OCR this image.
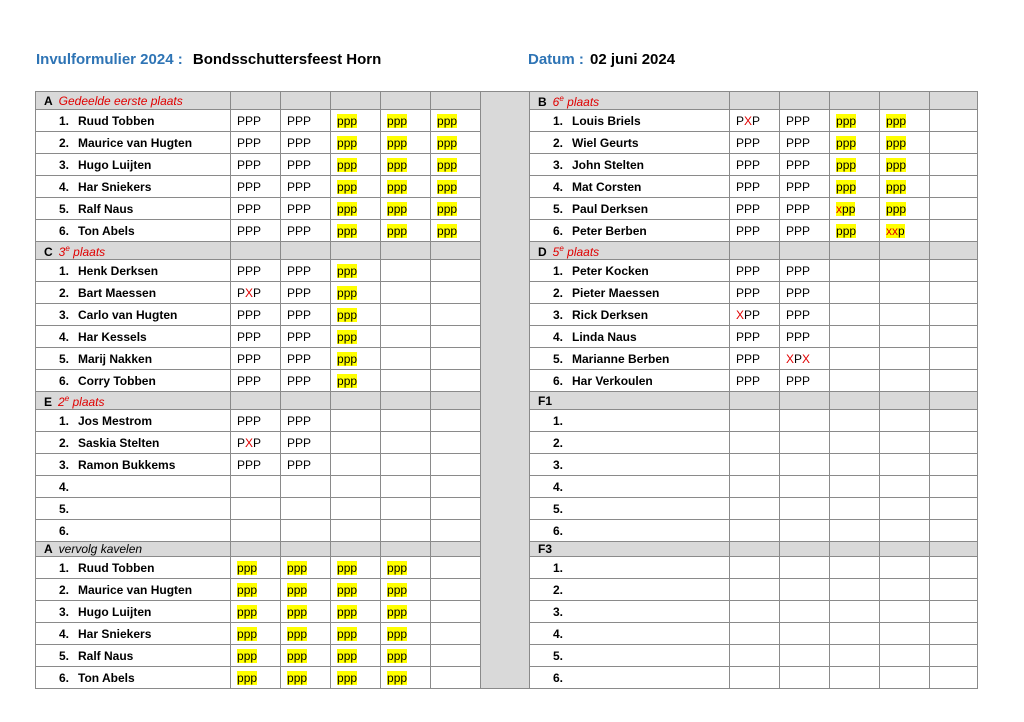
Invulformulier 2024 : Bondsschuttersfeest Horn	Datum : 02 juni 2024
A Gedeelde eerste plaats							B 6e plaats					
1. Ruud Tobben	PPP	PPP	ppp	ppp	ppp		1. Louis Briels	PXP	PPP	ppp	ppp	
2. Maurice van Hugten	PPP	PPP	ppp	ppp	ppp		2. Wiel Geurts	PPP	PPP	ppp	ppp	
3. Hugo Luijten	PPP	PPP	ppp	ppp	ppp		3. John Stelten	PPP	PPP	ppp	ppp	
4. Har Sniekers	PPP	PPP	ppp	ppp	ppp		4. Mat Corsten	PPP	PPP	ppp	ppp	
5. Ralf Naus	PPP	PPP	ppp	ppp	ppp		5. Paul Derksen	PPP	PPP	xpp	ppp	
6. Ton Abels	PPP	PPP	ppp	ppp	ppp		6. Peter Berben	PPP	PPP	ppp	xxp	
C 3e plaats							D 5e plaats					
1. Henk Derksen	PPP	PPP	ppp				1. Peter Kocken	PPP	PPP			
2. Bart Maessen	PXP	PPP	ppp				2. Pieter Maessen	PPP	PPP			
3. Carlo van Hugten	PPP	PPP	ppp				3. Rick Derksen	XPP	PPP			
4. Har Kessels	PPP	PPP	ppp				4. Linda Naus	PPP	PPP			
5. Marij Nakken	PPP	PPP	ppp				5. Marianne Berben	PPP	XPX			
6. Corry Tobben	PPP	PPP	ppp				6. Har Verkoulen	PPP	PPP			
E 2e plaats							F1					
1. Jos Mestrom	PPP	PPP					1.					
2. Saskia Stelten	PXP	PPP					2.					
3. Ramon Bukkems	PPP	PPP					3.					
4.							4.					
5.							5.					
6.							6.					
A vervolg kavelen							F3					
1. Ruud Tobben	ppp	ppp	ppp	ppp			1.					
2. Maurice van Hugten	ppp	ppp	ppp	ppp			2.					
3. Hugo Luijten	ppp	ppp	ppp	ppp			3.					
4. Har Sniekers	ppp	ppp	ppp	ppp			4.					
5. Ralf Naus	ppp	ppp	ppp	ppp			5.					
6. Ton Abels	ppp	ppp	ppp	ppp			6.					
